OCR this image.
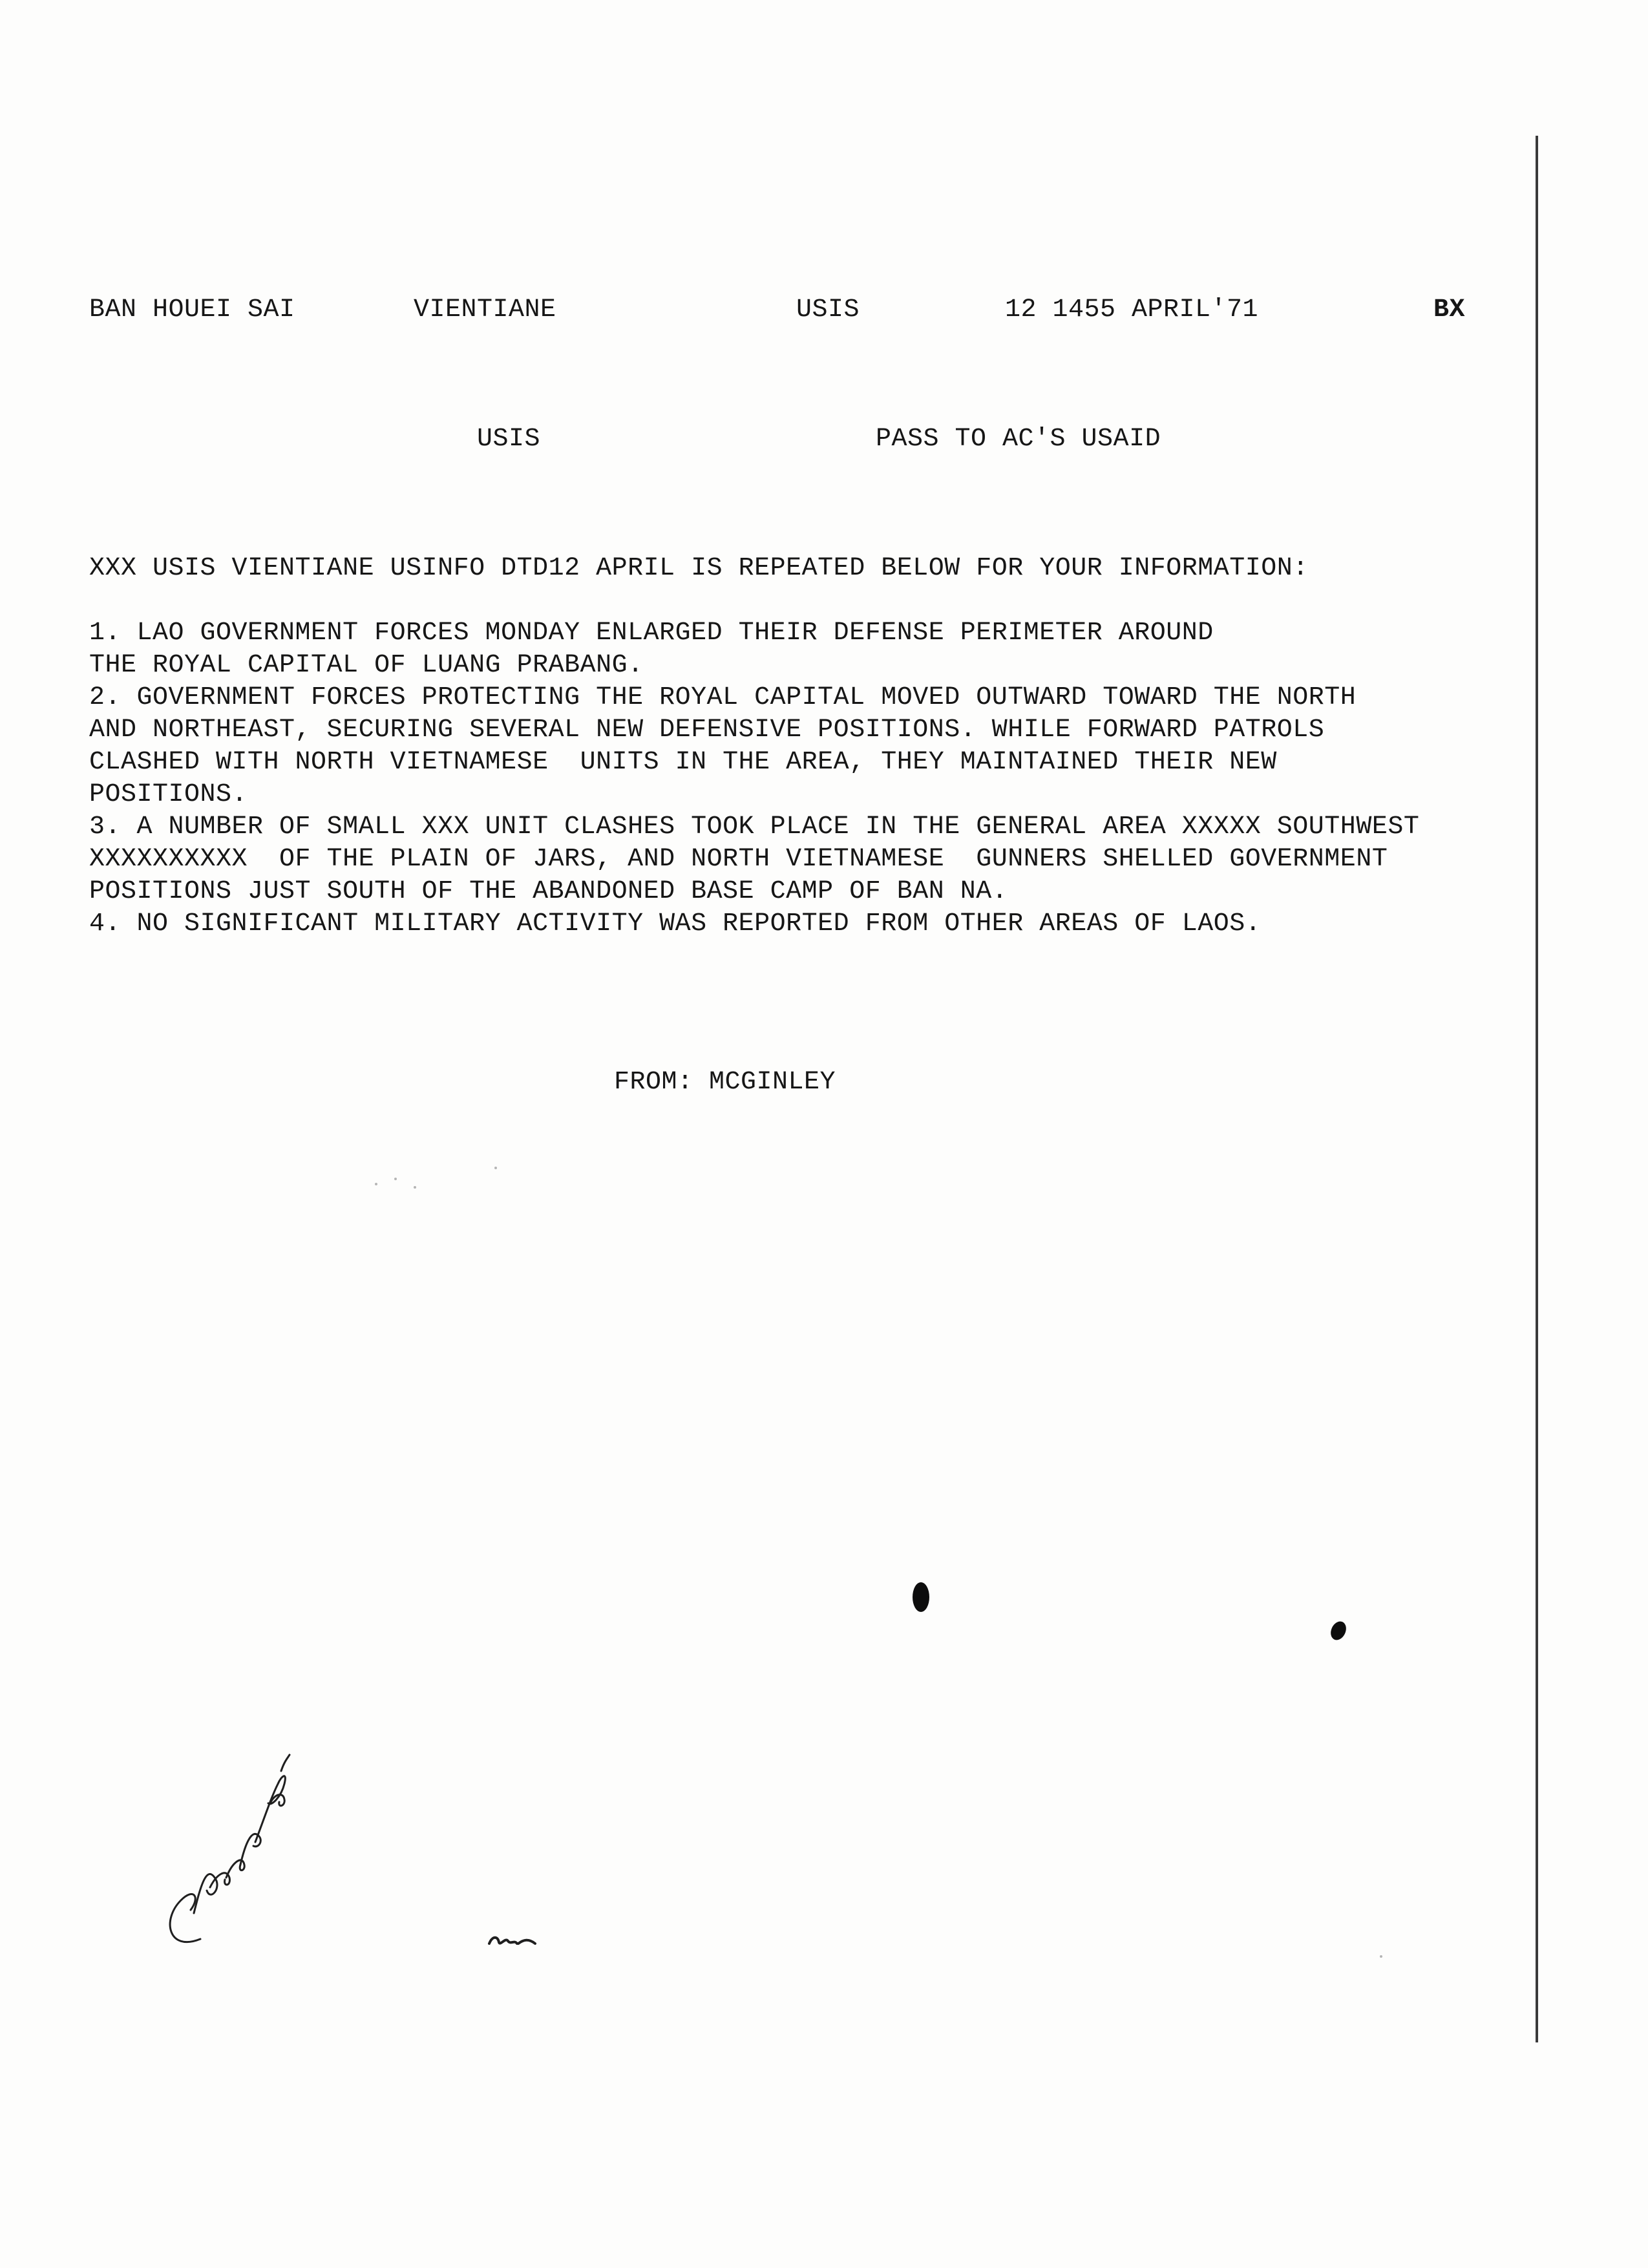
BAN HOUEI SAI	VIENTIANE	USIS	12 1455 APRIL'71	BX
USIS	PASS TO AC'S USAID
XXX USIS VIENTIANE USINFO DTD12 APRIL IS REPEATED BELOW FOR YOUR INFORMATION:
1. LAO GOVERNMENT FORCES MONDAY ENLARGED THEIR DEFENSE PERIMETER AROUND
THE ROYAL CAPITAL OF LUANG PRABANG.
2. GOVERNMENT FORCES PROTECTING THE ROYAL CAPITAL MOVED OUTWARD TOWARD THE NORTH
AND NORTHEAST, SECURING SEVERAL NEW DEFENSIVE POSITIONS. WHILE FORWARD PATROLS
CLASHED WITH NORTH VIETNAMESE  UNITS IN THE AREA, THEY MAINTAINED THEIR NEW
POSITIONS.
3. A NUMBER OF SMALL XXX UNIT CLASHES TOOK PLACE IN THE GENERAL AREA XXXXX SOUTHWEST
XXXXXXXXXX  OF THE PLAIN OF JARS, AND NORTH VIETNAMESE  GUNNERS SHELLED GOVERNMENT
POSITIONS JUST SOUTH OF THE ABANDONED BASE CAMP OF BAN NA.
4. NO SIGNIFICANT MILITARY ACTIVITY WAS REPORTED FROM OTHER AREAS OF LAOS.
FROM: MCGINLEY
